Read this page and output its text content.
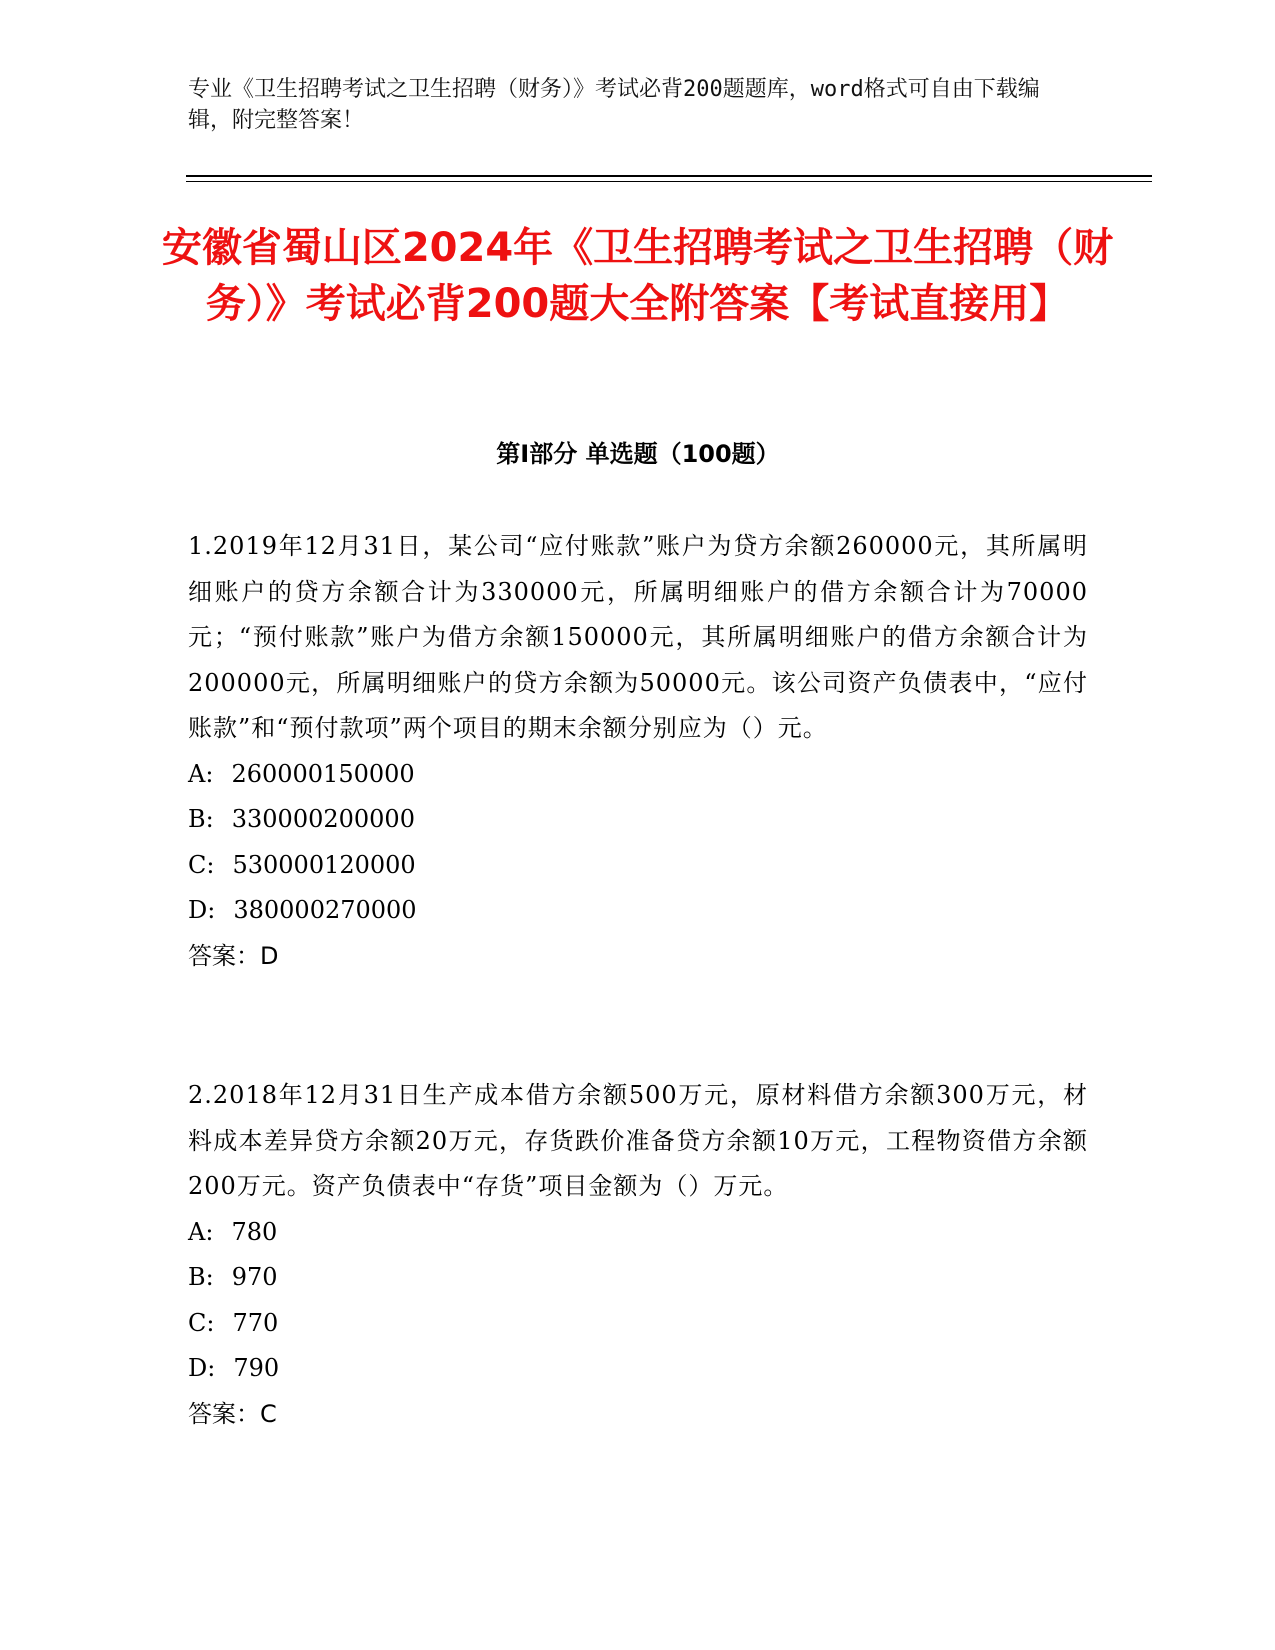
专业《卫生招聘考试之卫生招聘（财务）》考试必背200题题库，word格式可自由下载编辑，附完整答案！
安徽省蜀山区2024年《卫生招聘考试之卫生招聘（财务）》考试必背200题大全附答案【考试直接用】
第Ⅰ部分 单选题（100题）

1.2019年12月31日，某公司“应付账款”账户为贷方余额260000元，其所属明细账户的贷方余额合计为330000元，所属明细账户的借方余额合计为70000元；“预付账款”账户为借方余额150000元，其所属明细账户的借方余额合计为200000元，所属明细账户的贷方余额为50000元。该公司资产负债表中，“应付账款”和“预付款项”两个项目的期末余额分别应为（）元。

A: 260000150000

B: 330000200000

C: 530000120000

D: 380000270000

答案：D

2.2018年12月31日生产成本借方余额500万元，原材料借方余额300万元，材料成本差异贷方余额20万元，存货跌价准备贷方余额10万元，工程物资借方余额200万元。资产负债表中“存货”项目金额为（）万元。

A: 780

B: 970

C: 770

D: 790

答案：C
